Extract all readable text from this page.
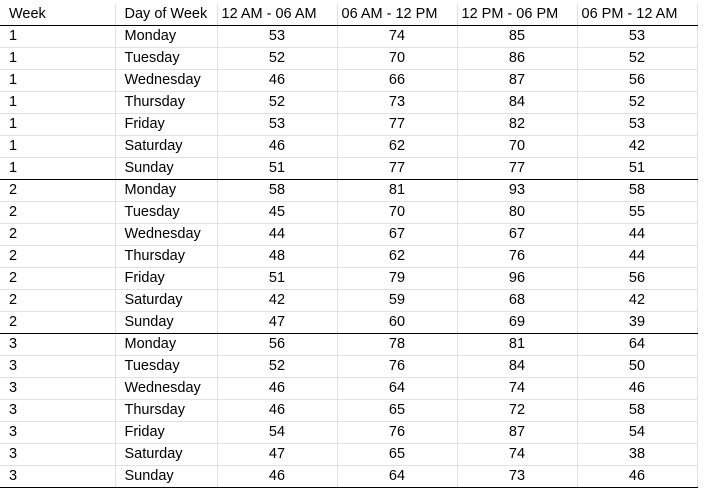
Week	Day of Week	12 AM - 06 AM	06 AM - 12 PM	12 PM - 06 PM	06 PM - 12 AM
1	Monday	53	74	85	53
1	Tuesday	52	70	86	52
1	Wednesday	46	66	87	56
1	Thursday	52	73	84	52
1	Friday	53	77	82	53
1	Saturday	46	62	70	42
1	Sunday	51	77	77	51
2	Monday	58	81	93	58
2	Tuesday	45	70	80	55
2	Wednesday	44	67	67	44
2	Thursday	48	62	76	44
2	Friday	51	79	96	56
2	Saturday	42	59	68	42
2	Sunday	47	60	69	39
3	Monday	56	78	81	64
3	Tuesday	52	76	84	50
3	Wednesday	46	64	74	46
3	Thursday	46	65	72	58
3	Friday	54	76	87	54
3	Saturday	47	65	74	38
3	Sunday	46	64	73	46
